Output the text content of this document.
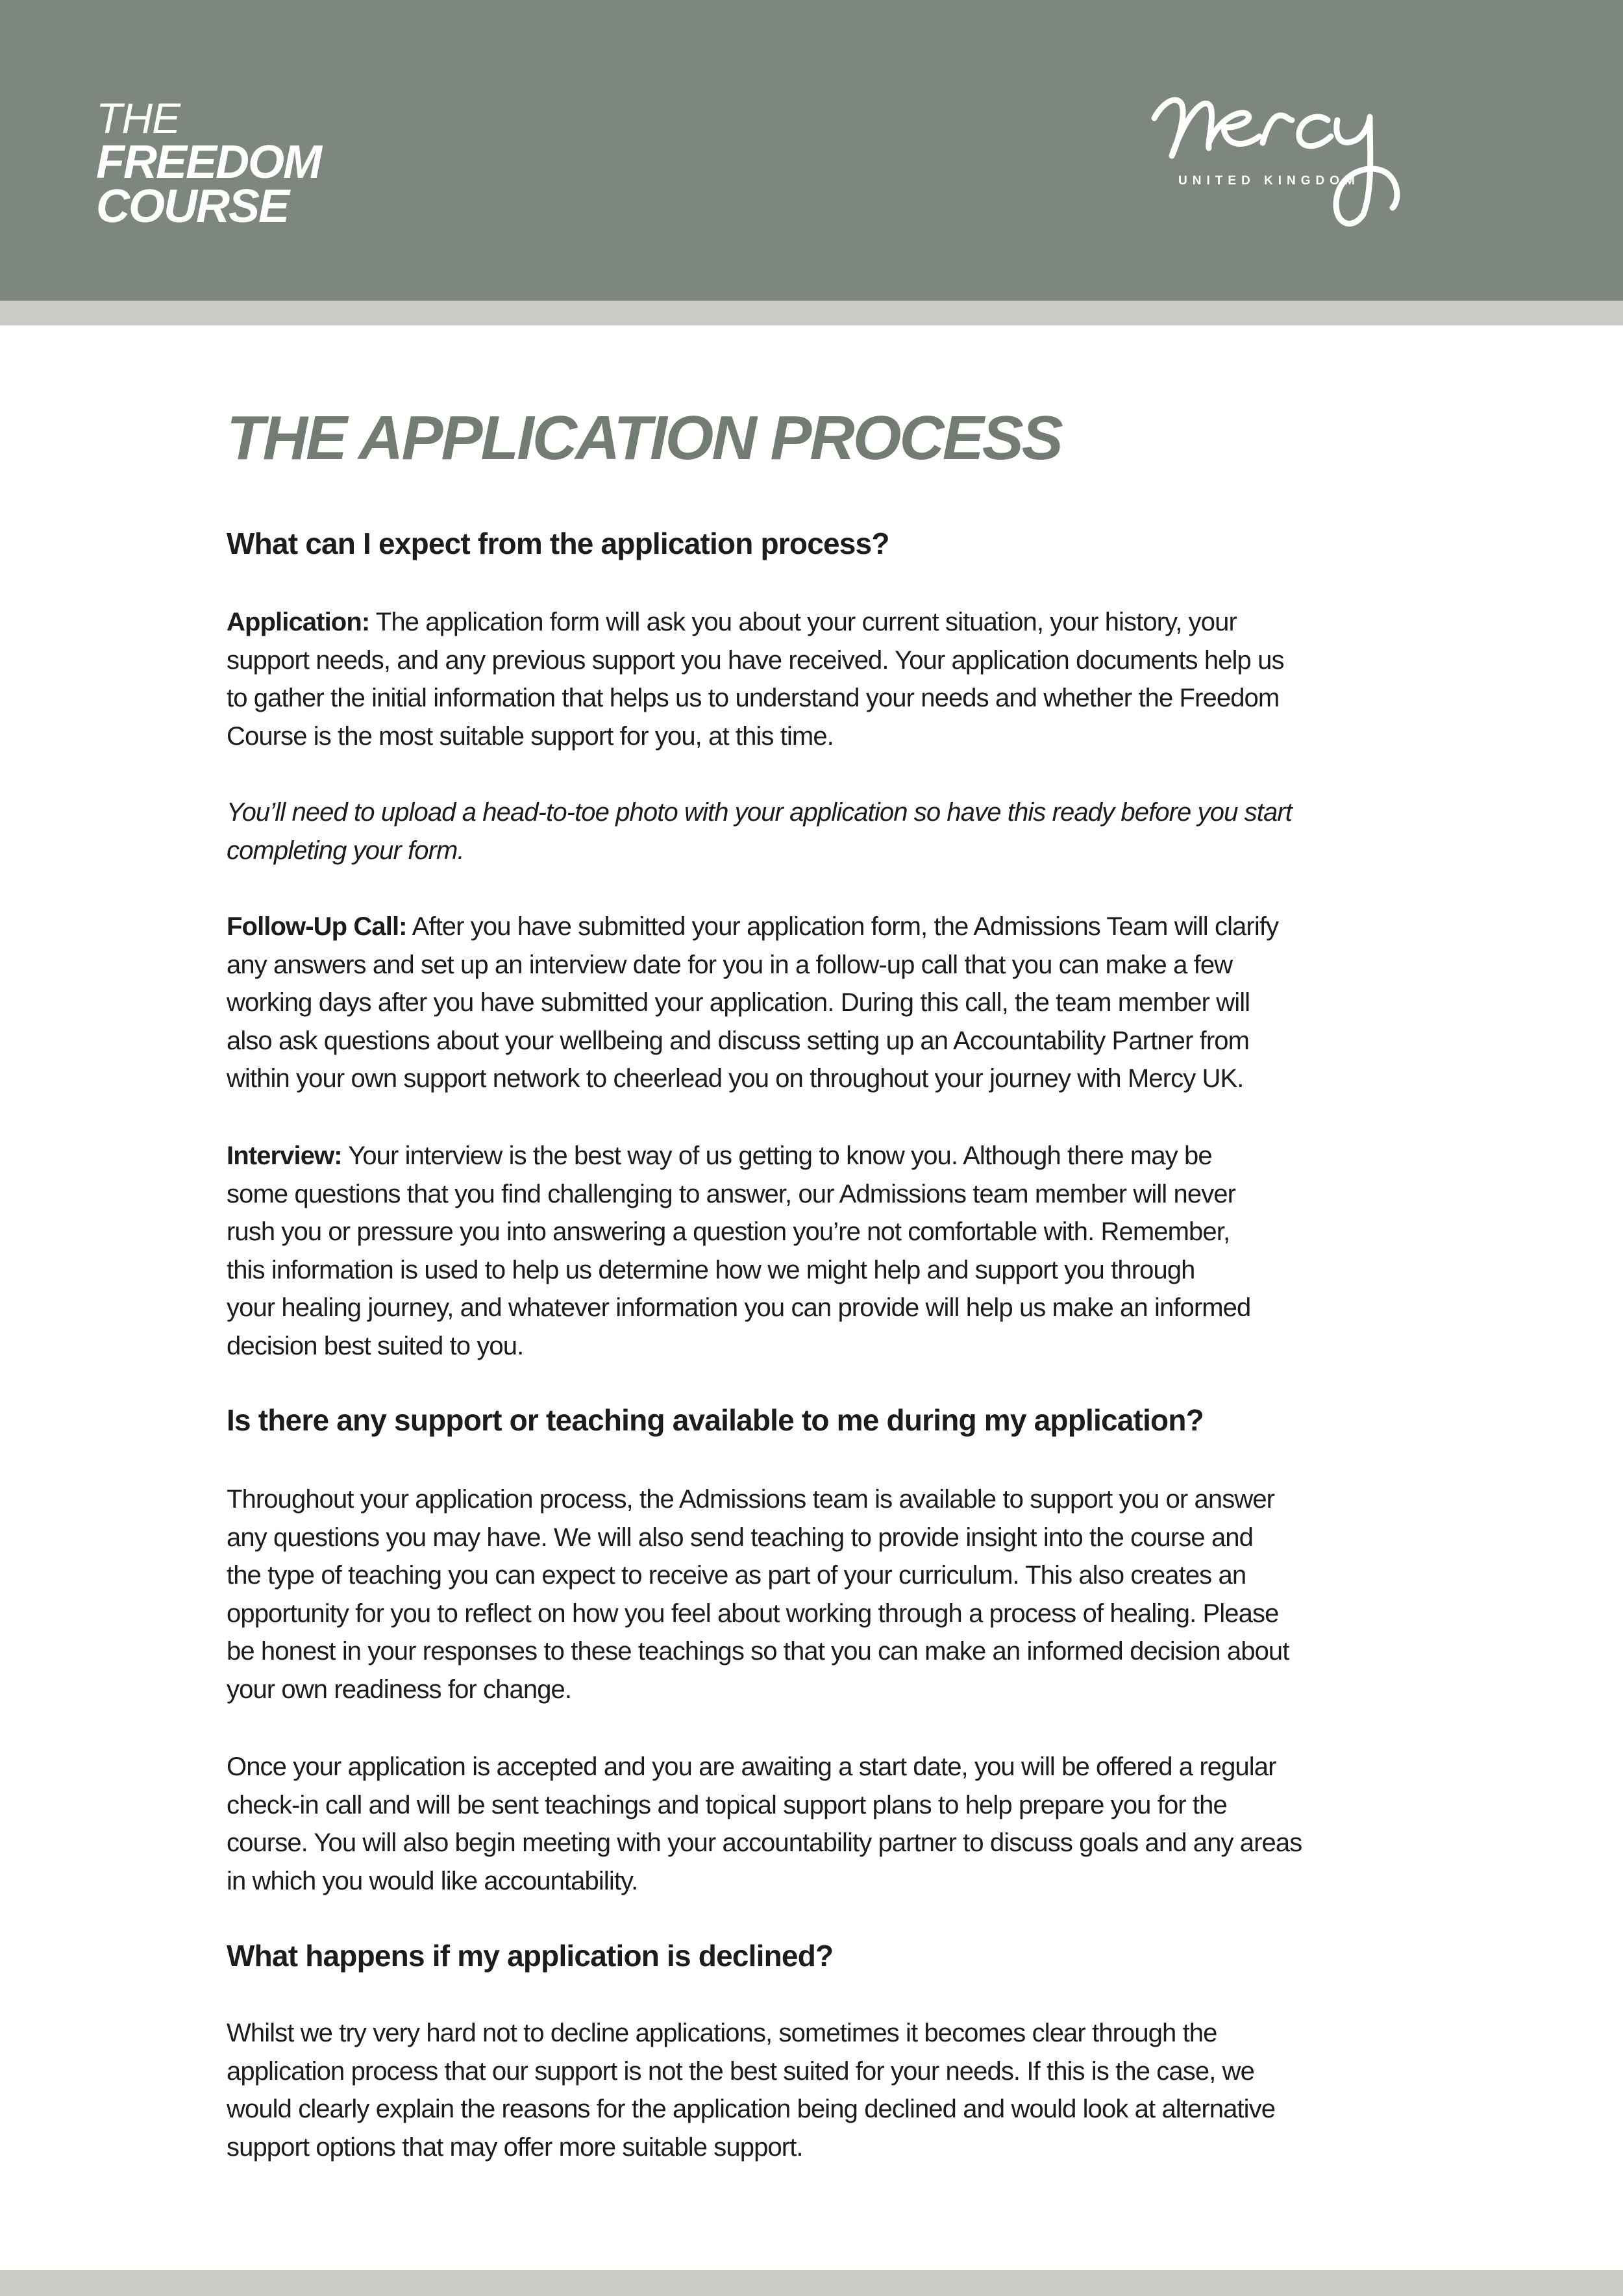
THE
FREEDOM
COURSE	UNITED KINGDOM
THE APPLICATION PROCESS
What can I expect from the application process?
Application: The application form will ask you about your current situation, your history, your
support needs, and any previous support you have received. Your application documents help us
to gather the initial information that helps us to understand your needs and whether the Freedom
Course is the most suitable support for you, at this time.
You’ll need to upload a head-to-toe photo with your application so have this ready before you start
completing your form.
Follow-Up Call: After you have submitted your application form, the Admissions Team will clarify
any answers and set up an interview date for you in a follow-up call that you can make a few
working days after you have submitted your application. During this call, the team member will
also ask questions about your wellbeing and discuss setting up an Accountability Partner from
within your own support network to cheerlead you on throughout your journey with Mercy UK.
Interview: Your interview is the best way of us getting to know you. Although there may be
some questions that you find challenging to answer, our Admissions team member will never
rush you or pressure you into answering a question you’re not comfortable with. Remember,
this information is used to help us determine how we might help and support you through
your healing journey, and whatever information you can provide will help us make an informed
decision best suited to you.
Is there any support or teaching available to me during my application?
Throughout your application process, the Admissions team is available to support you or answer
any questions you may have. We will also send teaching to provide insight into the course and
the type of teaching you can expect to receive as part of your curriculum. This also creates an
opportunity for you to reflect on how you feel about working through a process of healing. Please
be honest in your responses to these teachings so that you can make an informed decision about
your own readiness for change.
Once your application is accepted and you are awaiting a start date, you will be offered a regular
check-in call and will be sent teachings and topical support plans to help prepare you for the
course. You will also begin meeting with your accountability partner to discuss goals and any areas
in which you would like accountability.
What happens if my application is declined?
Whilst we try very hard not to decline applications, sometimes it becomes clear through the
application process that our support is not the best suited for your needs. If this is the case, we
would clearly explain the reasons for the application being declined and would look at alternative
support options that may offer more suitable support.
